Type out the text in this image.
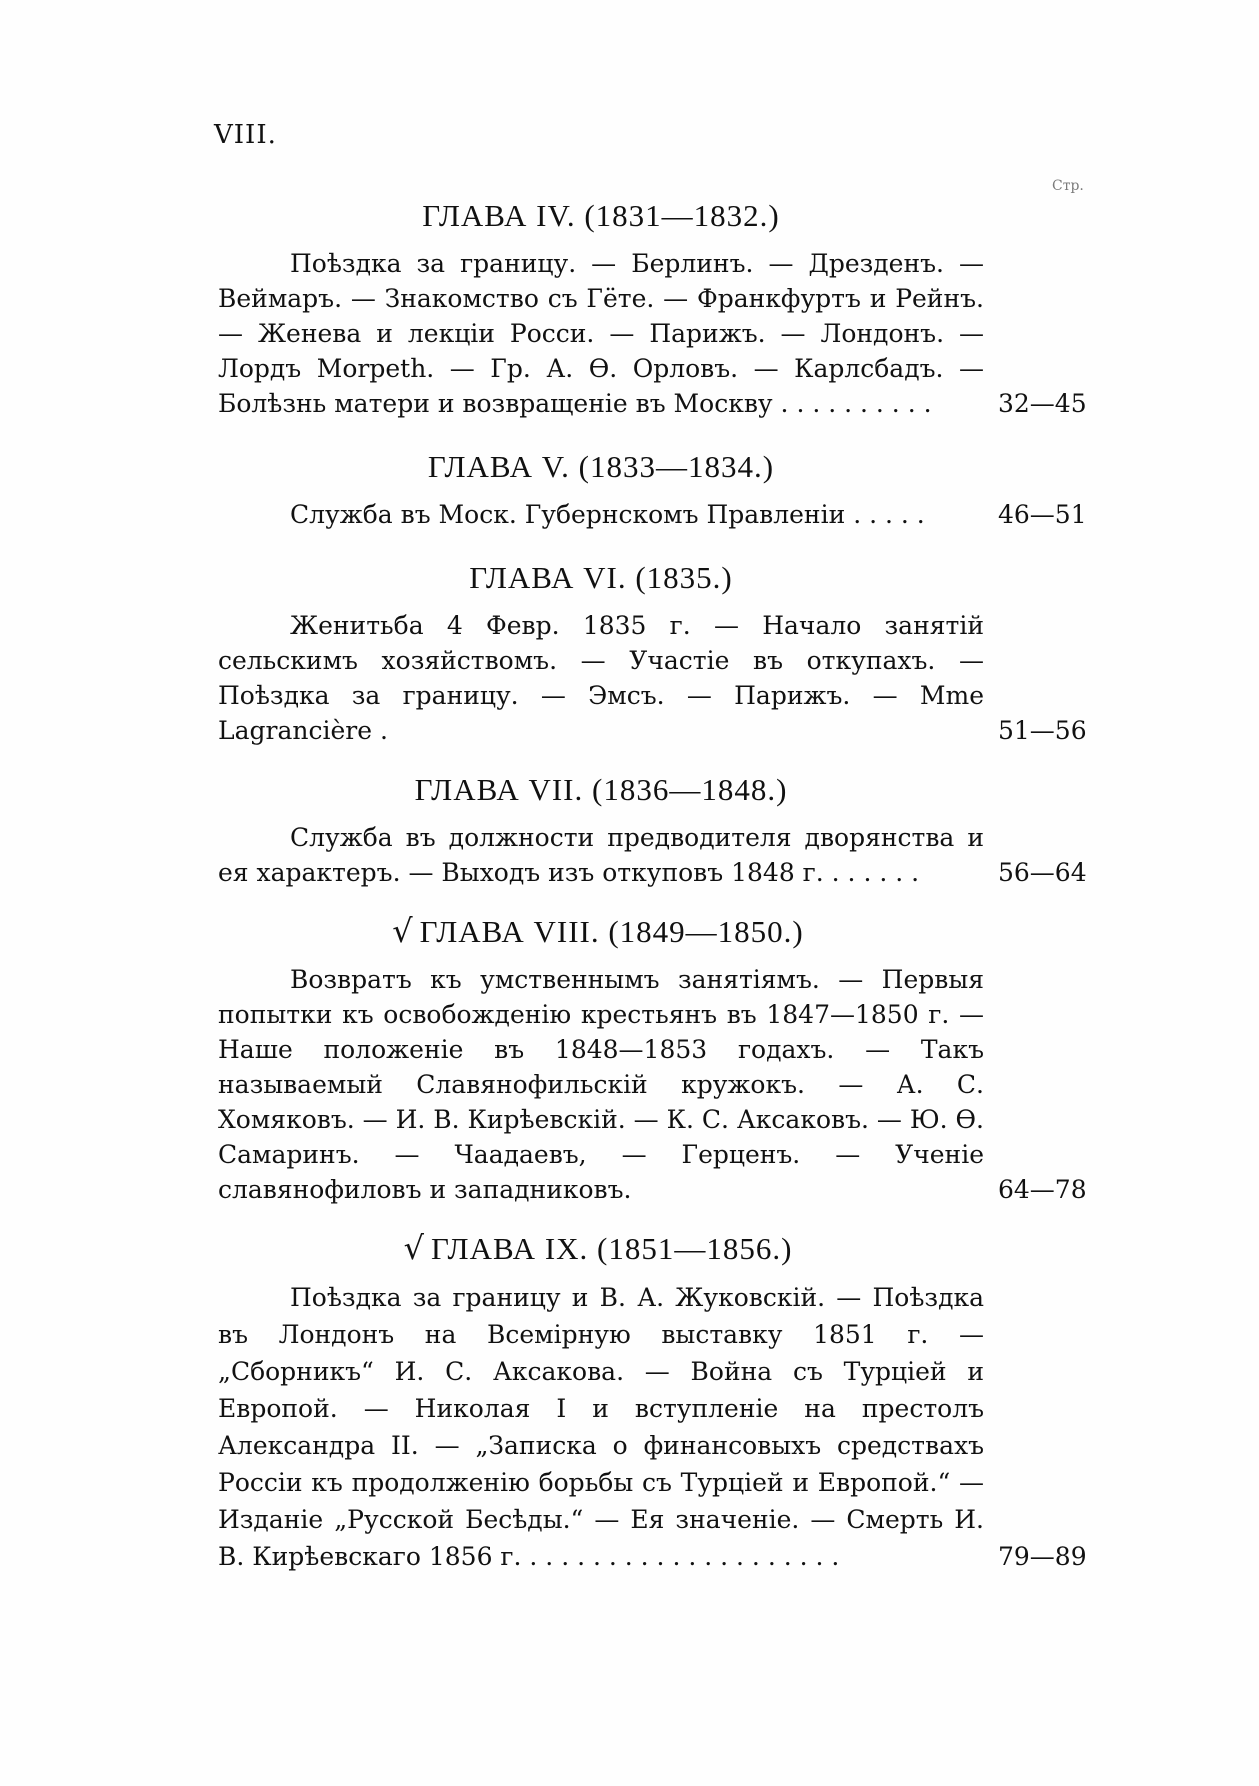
VIII.
Стр.
ГЛАВА IV. (1831—1832.)
Поѣздка за границу. — Берлинъ. — Дрезденъ. — Веймаръ. — Знакомство съ Гёте. — Франкфуртъ и Рейнъ. — Женева и лекціи Росси. — Парижъ. — Лондонъ. — Лордъ Morpeth. — Гр. А. Ѳ. Орловъ. — Карлсбадъ. — Болѣзнь матери и возвращеніе въ Москву . . . . . . . . . .	32—45
ГЛАВА V. (1833—1834.)
Служба въ Моск. Губернскомъ Правленіи . . . . .	46—51
ГЛАВА VI. (1835.)
Женитьба 4 Февр. 1835 г. — Начало занятій сельскимъ хозяйствомъ. — Участіе въ откупахъ. — Поѣздка за границу. — Эмсъ. — Парижъ. — Mme Lagrancière .	51—56
ГЛАВА VII. (1836—1848.)
Служба въ должности предводителя дворянства и ея характеръ. — Выходъ изъ откуповъ 1848 г. . . . . . .	56—64
√ ГЛАВА VIII. (1849—1850.)
Возвратъ къ умственнымъ занятіямъ. — Первыя попытки къ освобожденію крестьянъ въ 1847—1850 г. — Наше положеніе въ 1848—1853 годахъ. — Такъ называемый Славянофильскій кружокъ. — А. С. Хомяковъ. — И. В. Кирѣевскій. — К. С. Аксаковъ. — Ю. Ѳ. Самаринъ. — Чаадаевъ, — Герценъ. — Ученіе славянофиловъ и западниковъ.	64—78
√ ГЛАВА IX. (1851—1856.)
Поѣздка за границу и В. А. Жуковскій. — Поѣздка въ Лондонъ на Всемірную выставку 1851 г. — „Сборникъ“ И. С. Аксакова. — Война съ Турціей и Европой. — Николая I и вступленіе на престолъ Александра II. — „Записка о финансовыхъ средствахъ Россіи къ продолженію борьбы съ Турціей и Европой.“ — Изданіе „Русской Бесѣды.“ — Ея значеніе. — Смерть И. В. Кирѣевскаго 1856 г. . . . . . . . . . . . . . . . . . . . .	79—89
